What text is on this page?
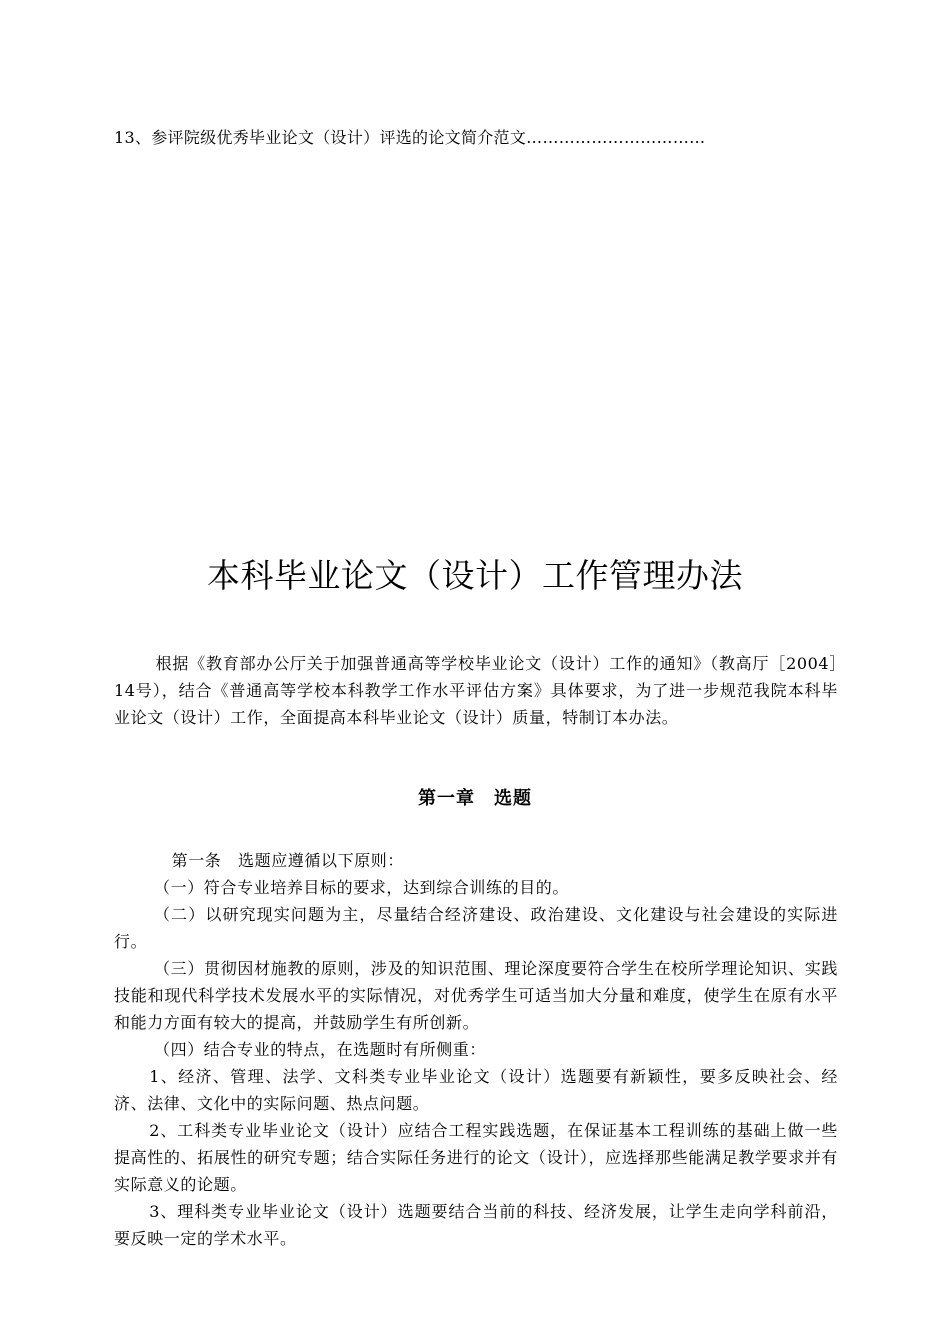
13、参评院级优秀毕业论文（设计）评选的论文简介范文……………………………
本科毕业论文（设计）工作管理办法

根据《教育部办公厅关于加强普通高等学校毕业论文（设计）工作的通知》（教高厅［2004］14号），结合《普通高等学校本科教学工作水平评估方案》具体要求，为了进一步规范我院本科毕业论文（设计）工作，全面提高本科毕业论文（设计）质量，特制订本办法。

第一章　选题

第一条　选题应遵循以下原则：

（一）符合专业培养目标的要求，达到综合训练的目的。

（二）以研究现实问题为主，尽量结合经济建设、政治建设、文化建设与社会建设的实际进行。

（三）贯彻因材施教的原则，涉及的知识范围、理论深度要符合学生在校所学理论知识、实践技能和现代科学技术发展水平的实际情况，对优秀学生可适当加大分量和难度，使学生在原有水平和能力方面有较大的提高，并鼓励学生有所创新。

（四）结合专业的特点，在选题时有所侧重：

1、经济、管理、法学、文科类专业毕业论文（设计）选题要有新颖性，要多反映社会、经济、法律、文化中的实际问题、热点问题。

2、工科类专业毕业论文（设计）应结合工程实践选题，在保证基本工程训练的基础上做一些提高性的、拓展性的研究专题；结合实际任务进行的论文（设计），应选择那些能满足教学要求并有实际意义的论题。

3、理科类专业毕业论文（设计）选题要结合当前的科技、经济发展，让学生走向学科前沿，要反映一定的学术水平。
